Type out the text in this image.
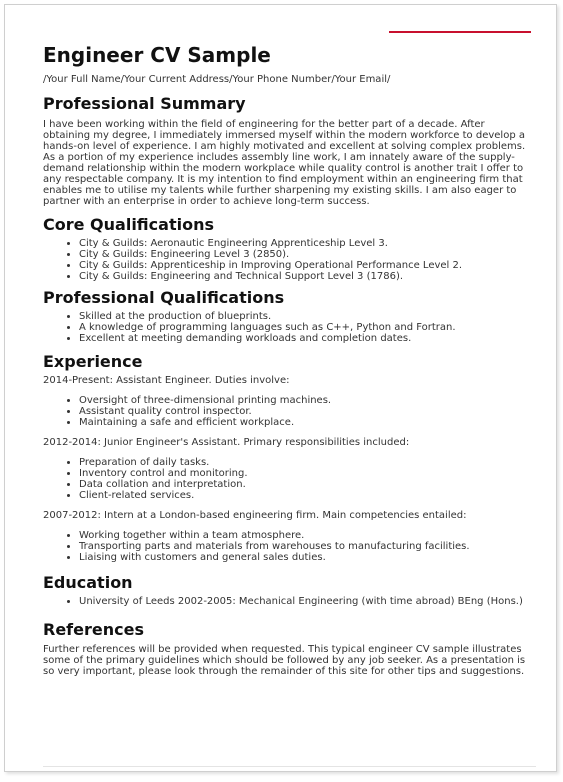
Engineer CV Sample
/Your Full Name/Your Current Address/Your Phone Number/Your Email/
Professional Summary

I have been working within the field of engineering for the better part of a decade. After obtaining my degree, I immediately immersed myself within the modern workforce to develop a hands-on level of experience. I am highly motivated and excellent at solving complex problems. As a portion of my experience includes assembly line work, I am innately aware of the supply-demand relationship within the modern workplace while quality control is another trait I offer to any respectable company. It is my intention to find employment within an engineering firm that enables me to utilise my talents while further sharpening my existing skills. I am also eager to partner with an enterprise in order to achieve long-term success.

Core Qualifications
• City & Guilds: Aeronautic Engineering Apprenticeship Level 3.
• City & Guilds: Engineering Level 3 (2850).
• City & Guilds: Apprenticeship in Improving Operational Performance Level 2.
• City & Guilds: Engineering and Technical Support Level 3 (1786).
Professional Qualifications
• Skilled at the production of blueprints.
• A knowledge of programming languages such as C++, Python and Fortran.
• Excellent at meeting demanding workloads and completion dates.
Experience

2014-Present: Assistant Engineer. Duties involve:

• Oversight of three-dimensional printing machines.
• Assistant quality control inspector.
• Maintaining a safe and efficient workplace.

2012-2014: Junior Engineer's Assistant. Primary responsibilities included:

• Preparation of daily tasks.
• Inventory control and monitoring.
• Data collation and interpretation.
• Client-related services.

2007-2012: Intern at a London-based engineering firm. Main competencies entailed:

• Working together within a team atmosphere.
• Transporting parts and materials from warehouses to manufacturing facilities.
• Liaising with customers and general sales duties.
Education
• University of Leeds 2002-2005: Mechanical Engineering (with time abroad) BEng (Hons.)
References

Further references will be provided when requested. This typical engineer CV sample illustrates some of the primary guidelines which should be followed by any job seeker. As a presentation is so very important, please look through the remainder of this site for other tips and suggestions.
